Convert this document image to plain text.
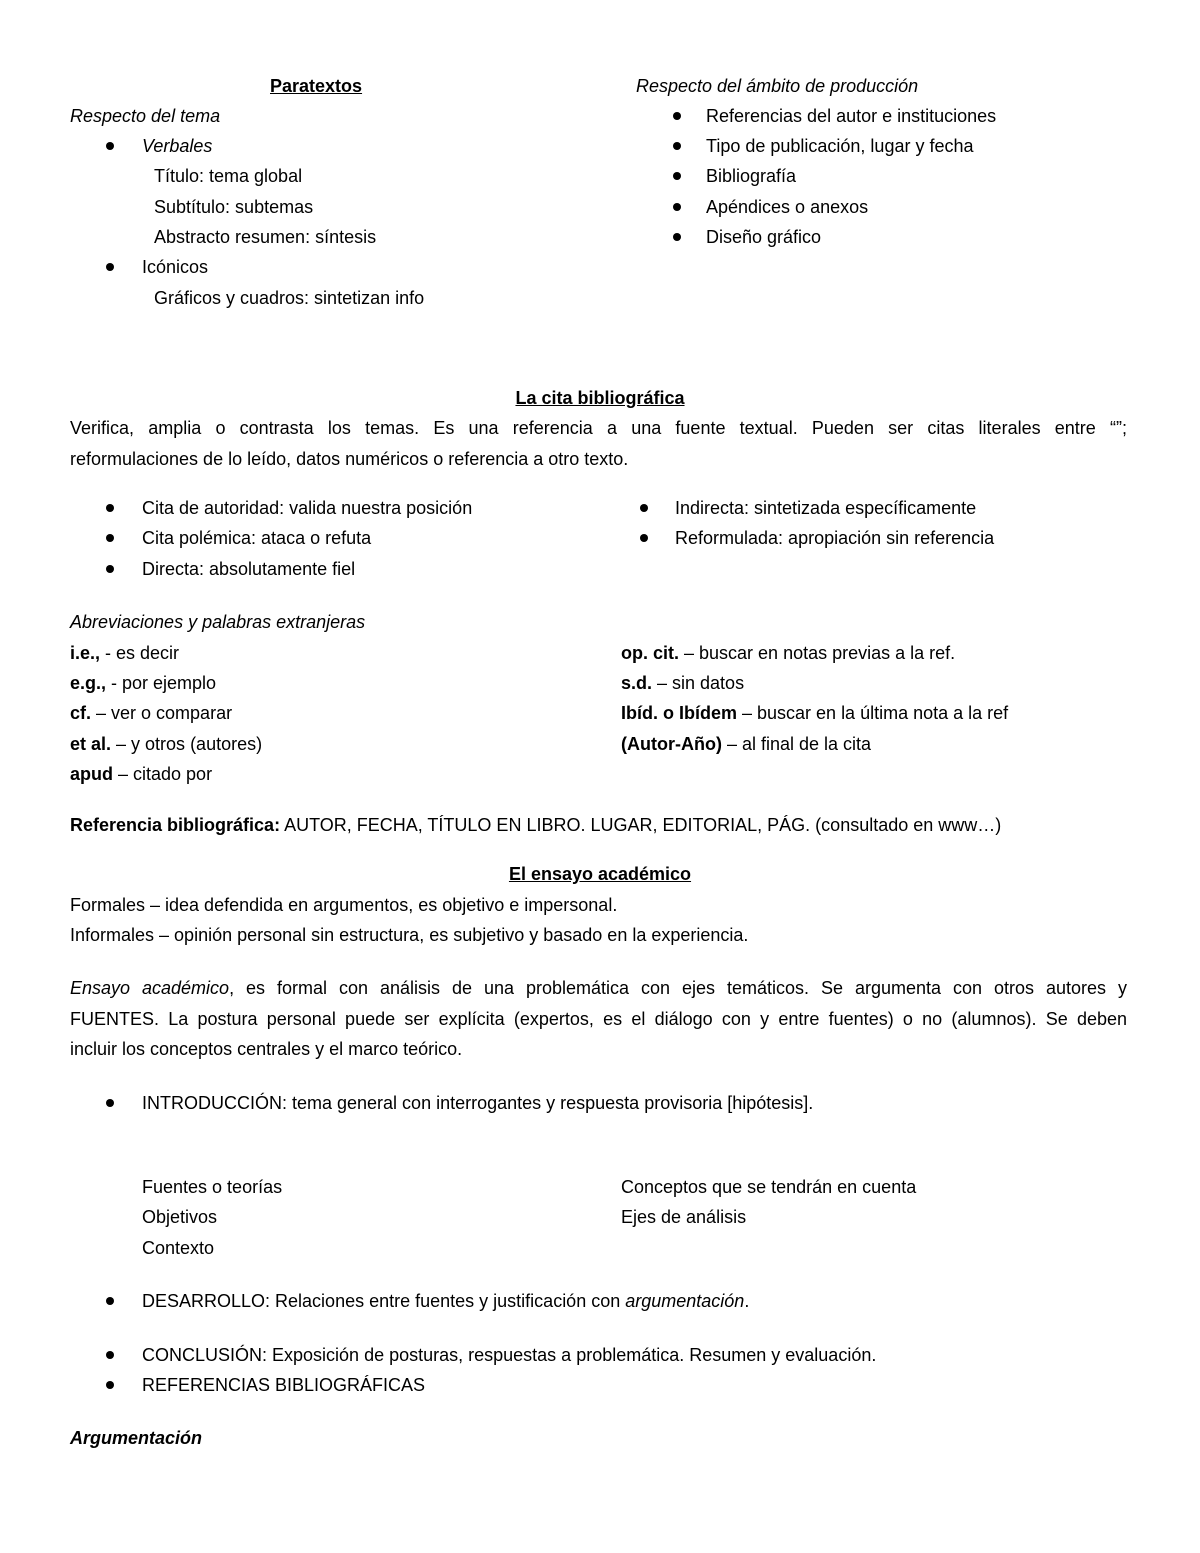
Paratextos
Respecto del tema
Verbales
Título: tema global
Subtítulo: subtemas
Abstracto resumen: síntesis
Icónicos
Gráficos y cuadros: sintetizan info
Respecto del ámbito de producción
Referencias del autor e instituciones
Tipo de publicación, lugar y fecha
Bibliografía
Apéndices o anexos
Diseño gráfico
La cita bibliográfica
Verifica, amplia o contrasta los temas. Es una referencia a una fuente textual. Pueden ser citas literales entre “”;
reformulaciones de lo leído, datos numéricos o referencia a otro texto.
Cita de autoridad: valida nuestra posición
Cita polémica: ataca o refuta
Directa: absolutamente fiel
Indirecta: sintetizada específicamente
Reformulada: apropiación sin referencia
Abreviaciones y palabras extranjeras
i.e., - es decir
e.g., - por ejemplo
cf. – ver o comparar
et al. – y otros (autores)
apud – citado por
op. cit. – buscar en notas previas a la ref.
s.d. – sin datos
Ibíd. o Ibídem – buscar en la última nota a la ref
(Autor-Año) – al final de la cita
Referencia bibliográfica: AUTOR, FECHA, TÍTULO EN LIBRO. LUGAR, EDITORIAL, PÁG. (consultado en www…)
El ensayo académico
Formales – idea defendida en argumentos, es objetivo e impersonal.
Informales – opinión personal sin estructura, es subjetivo y basado en la experiencia.
Ensayo académico, es formal con análisis de una problemática con ejes temáticos. Se argumenta con otros autores y
FUENTES. La postura personal puede ser explícita (expertos, es el diálogo con y entre fuentes) o no (alumnos). Se deben
incluir los conceptos centrales y el marco teórico.
INTRODUCCIÓN: tema general con interrogantes y respuesta provisoria [hipótesis].
Fuentes o teorías
Objetivos
Contexto
Conceptos que se tendrán en cuenta
Ejes de análisis
DESARROLLO: Relaciones entre fuentes y justificación con argumentación.
CONCLUSIÓN: Exposición de posturas, respuestas a problemática. Resumen y evaluación.
REFERENCIAS BIBLIOGRÁFICAS
Argumentación
